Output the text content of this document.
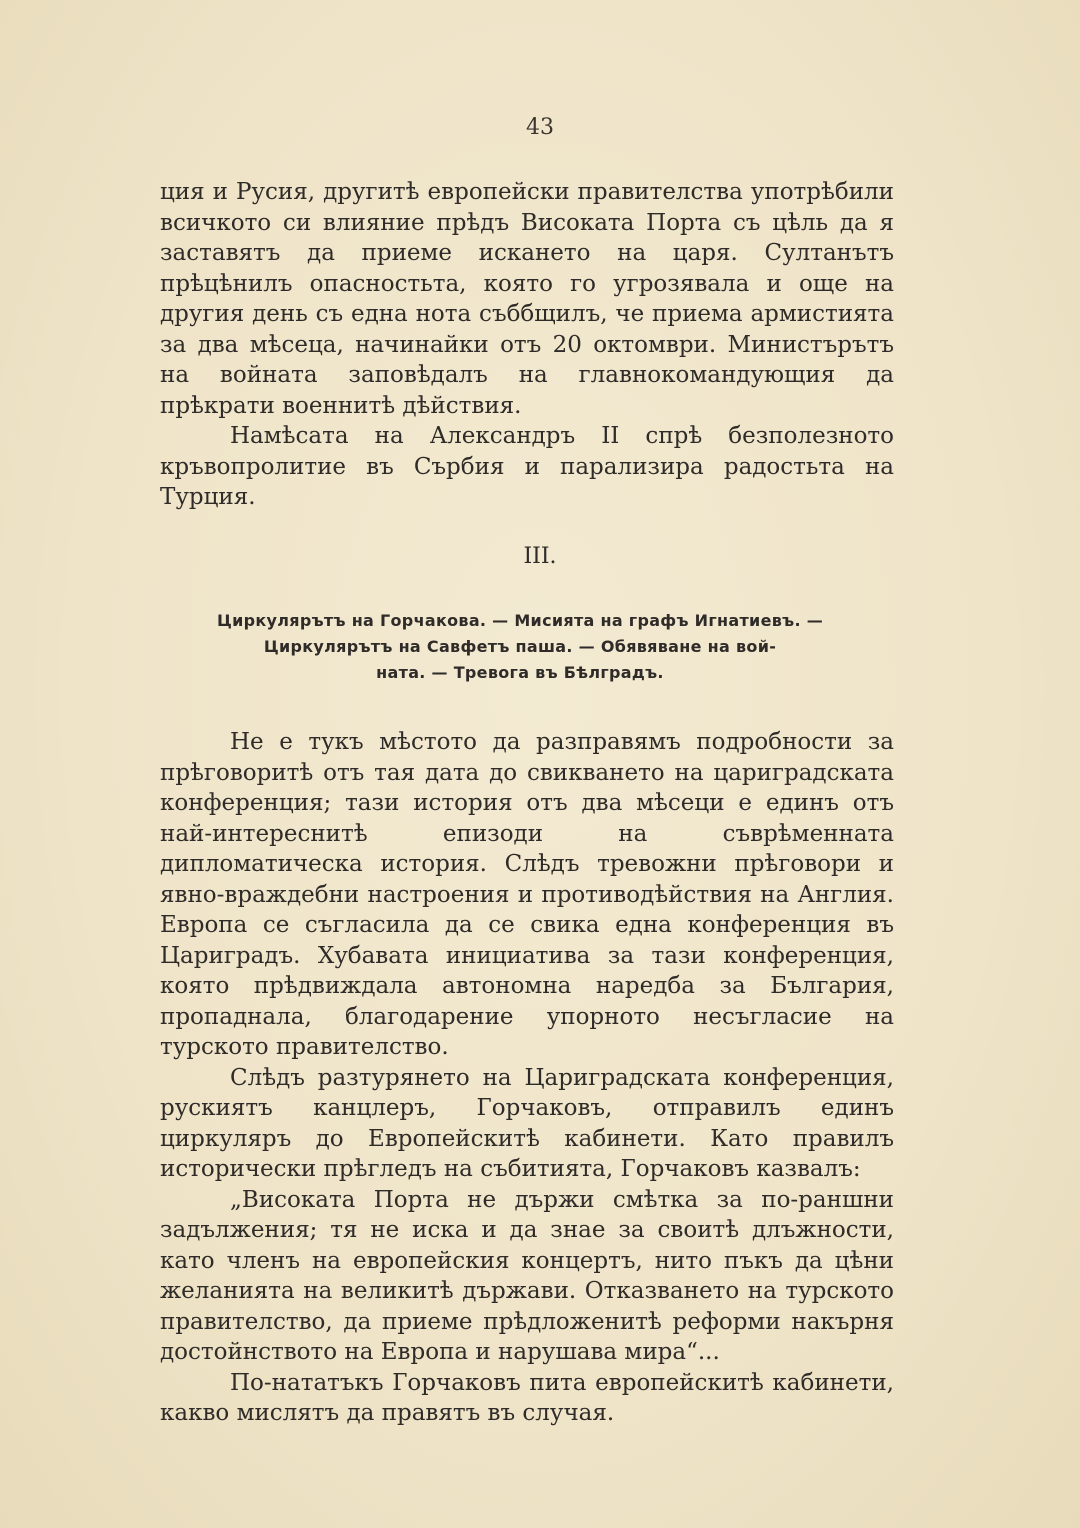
43

ция и Русия, другитѣ европейски правителства употрѣбили всичкото си влияние прѣдъ Високата Порта съ цѣль да я заставятъ да приеме искането на царя. Султанътъ прѣцѣнилъ опасностьта, която го угрозявала и още на другия день съ една нота съббщилъ, че приема армистията за два мѣсеца, начинайки отъ 20 октомври. Министърътъ на войната заповѣдалъ на главнокомандующия да прѣкрати военнитѣ дѣйствия.

Намѣсата на Александръ II спрѣ безполезното кръвопролитие въ Сърбия и парализира радостьта на Турция.

III.
Циркулярътъ на Горчакова. — Мисията на графъ Игнатиевъ. —
Циркулярътъ на Савфетъ паша. — Обявяване на вой-
ната. — Тревога въ Бѣлградъ.

Не е тукъ мѣстото да разправямъ подробности за прѣговоритѣ отъ тая дата до свикването на цариградската конференция; тази история отъ два мѣсеци е единъ отъ най-интереснитѣ епизоди на съврѣменната дипломатическа история. Слѣдъ тревожни прѣговори и явно-враждебни настроения и противодѣйствия на Англия. Европа се съгласила да се свика една конференция въ Цариградъ. Хубавата инициатива за тази конференция, която прѣдвиждала автономна наредба за България, пропаднала, благодарение упорното несъгласие на турското правителство.

Слѣдъ разтурянето на Цариградската конференция, рускиятъ канцлеръ, Горчаковъ, отправилъ единъ циркуляръ до Европейскитѣ кабинети. Като правилъ исторически прѣгледъ на събитията, Горчаковъ казвалъ:

„Високата Порта не държи смѣтка за по-раншни задължения; тя не иска и да знае за своитѣ длъжности, като членъ на европейския концертъ, нито пъкъ да цѣни желанията на великитѣ държави. Отказването на турското правителство, да приеме прѣдложенитѣ реформи накърня достойнството на Европа и нарушава мира“...

По-нататъкъ Горчаковъ пита европейскитѣ кабинети, какво мислятъ да правятъ въ случая.
